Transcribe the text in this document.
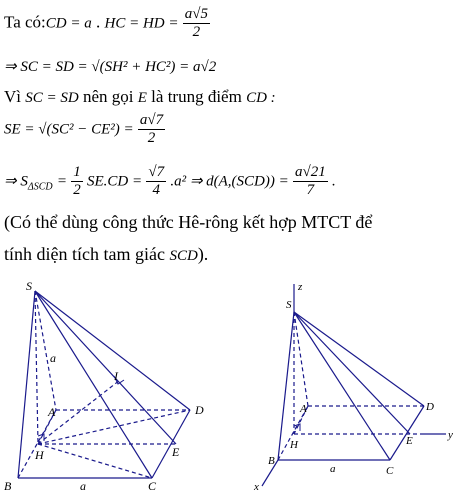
Ta có:CD = a . HC = HD = $\frac{a√5}{2}$
⇒ SC = SD = √(SH² + HC²) = a√2
Vì SC = SD nên gọi E là trung điểm CD :
SE = $√(SC^2 - CE^2) = \frac{a√7}{2}$
⇒ $S_{\Delta SCD} = \frac{1}{2} SE.CD = \frac{√7}{4} .a^2$ ⇒ $d(A,(SCD)) = \frac{a√21}{7}$ .
(Có thể dùng công thức Hê-rông kết hợp MTCT để
tính diện tích tam giác SCD).
S
A	D
H
I
E
B	C
a
a
S
z
A	D
H	E	y
B
C
a
x
